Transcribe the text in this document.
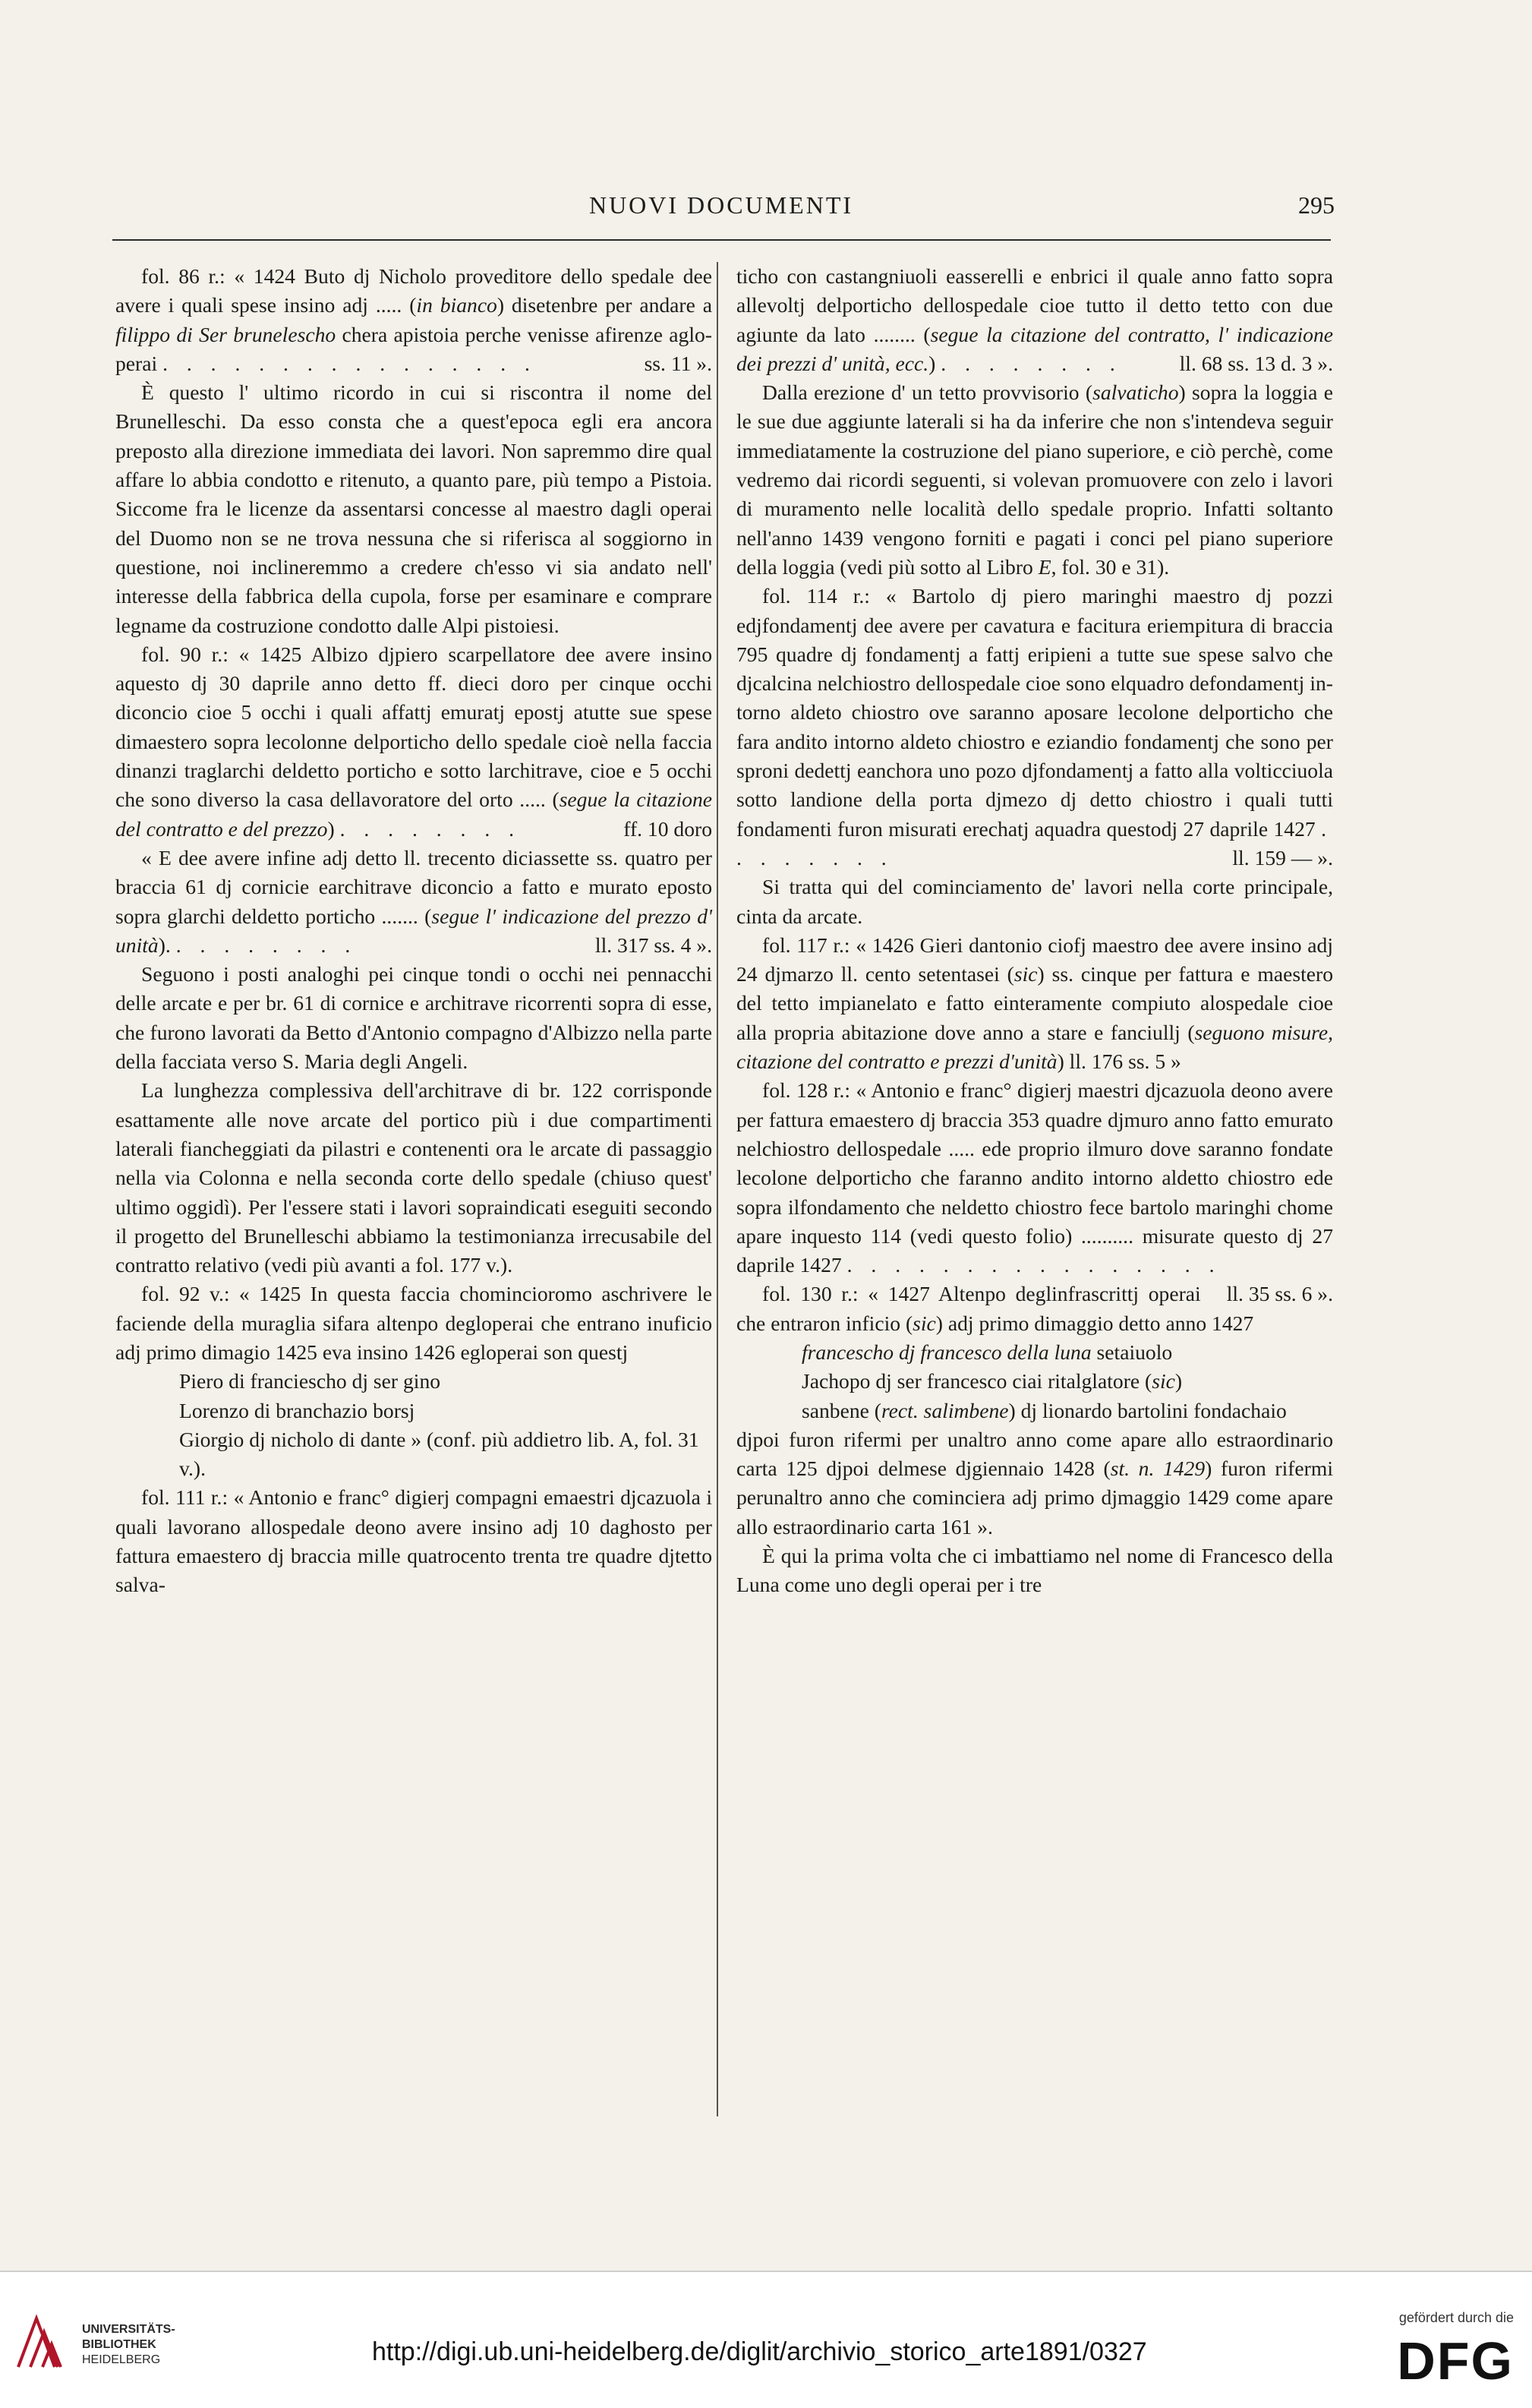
NUOVI DOCUMENTI	295

fol. 86 r.: « 1424 Buto dj Nicholo proveditore dello spedale dee avere i quali spese insino adj ..... (in bianco) disetenbre per andare a filippo di Ser brunelescho chera apistoia perche venisse afirenze agloperai . . . . . . . . . . . . . . . .	ss. 11 ».

È questo l' ultimo ricordo in cui si riscontra il nome del Brunelleschi. Da esso consta che a quest'epoca egli era ancora preposto alla direzione immediata dei lavori. Non sapremmo dire qual affare lo abbia condotto e ritenuto, a quanto pare, più tempo a Pistoia. Siccome fra le licenze da assentarsi concesse al maestro dagli operai del Duomo non se ne trova nessuna che si riferisca al soggiorno in questione, noi inclineremmo a credere ch'esso vi sia andato nell' interesse della fabbrica della cupola, forse per esaminare e comprare legname da costruzione condotto dalle Alpi pistoiesi.

fol. 90 r.: « 1425 Albizo djpiero scarpellatore dee avere insino aquesto dj 30 daprile anno detto ff. dieci doro per cinque occhi diconcio cioe 5 occhi i quali affattj emuratj epostj atutte sue spese dimaestero sopra lecolonne delporticho dello spedale cioè nella faccia dinanzi traglarchi deldetto porticho e sotto larchitrave, cioe e 5 occhi che sono diverso la casa dellavoratore del orto ..... (segue la citazione del contratto e del prezzo) . . . . . . . .	ff. 10 doro

« E dee avere infine adj detto ll. trecento diciassette ss. quatro per braccia 61 dj cornicie earchitrave diconcio a fatto e murato eposto sopra glarchi deldetto porticho ....... (segue l' indicazione del prezzo d' unità). . . . . . . . .	ll. 317 ss. 4 ».

Seguono i posti analoghi pei cinque tondi o occhi nei pennacchi delle arcate e per br. 61 di cornice e architrave ricorrenti sopra di esse, che furono lavorati da Betto d'Antonio compagno d'Albizzo nella parte della facciata verso S. Maria degli Angeli.

La lunghezza complessiva dell'architrave di br. 122 corrisponde esattamente alle nove arcate del portico più i due compartimenti laterali fiancheggiati da pilastri e contenenti ora le arcate di passaggio nella via Colonna e nella seconda corte dello spedale (chiuso quest' ultimo oggidì). Per l'essere stati i lavori sopraindicati eseguiti secondo il progetto del Brunelleschi abbiamo la testimonianza irrecusabile del contratto relativo (vedi più avanti a fol. 177 v.).

fol. 92 v.: « 1425 In questa faccia chomincioromo aschrivere le faciende della muraglia sifara altenpo degloperai che entrano inuficio adj primo dimagio 1425 eva insino 1426 egloperai son questj

Piero di franciescho dj ser gino

Lorenzo di branchazio borsj

Giorgio dj nicholo di dante » (conf. più addietro lib. A, fol. 31 v.).

fol. 111 r.: « Antonio e franc° digierj compagni emaestri djcazuola i quali lavorano allospedale deono avere insino adj 10 daghosto per fattura emaestero dj braccia mille quatrocento trenta tre quadre djtetto salva-

ticho con castangniuoli easserelli e enbrici il quale anno fatto sopra allevoltj delporticho dellospedale cioe tutto il detto tetto con due agiunte da lato ........ (segue la citazione del contratto, l' indicazione dei prezzi d' unità, ecc.) . . . . . . . .	ll. 68 ss. 13 d. 3 ».

Dalla erezione d' un tetto provvisorio (salvaticho) sopra la loggia e le sue due aggiunte laterali si ha da inferire che non s'intendeva seguir immediatamente la costruzione del piano superiore, e ciò perchè, come vedremo dai ricordi seguenti, si volevan promuovere con zelo i lavori di muramento nelle località dello spedale proprio. Infatti soltanto nell'anno 1439 vengono forniti e pagati i conci pel piano superiore della loggia (vedi più sotto al Libro E, fol. 30 e 31).

fol. 114 r.: « Bartolo dj piero maringhi maestro dj pozzi edjfondamentj dee avere per cavatura e facitura eriempitura di braccia 795 quadre dj fondamentj a fattj eripieni a tutte sue spese salvo che djcalcina nelchiostro dellospedale cioe sono elquadro defondamentj intorno aldeto chiostro ove saranno aposare lecolone delporticho che fara andito intorno aldeto chiostro e eziandio fondamentj che sono per sproni dedettj eanchora uno pozo djfondamentj a fatto alla volticciuola sotto landione della porta djmezo dj detto chiostro i quali tutti fondamenti furon misurati erechatj aquadra questodj 27 daprile 1427 . . . . . . . .	ll. 159 — ».

Si tratta qui del cominciamento de' lavori nella corte principale, cinta da arcate.

fol. 117 r.: « 1426 Gieri dantonio ciofj maestro dee avere insino adj 24 djmarzo ll. cento setentasei (sic) ss. cinque per fattura e maestero del tetto impianelato e fatto einteramente compiuto alospedale cioe alla propria abitazione dove anno a stare e fanciullj (seguono misure, citazione del contratto e prezzi d'unità) ll. 176 ss. 5 »

fol. 128 r.: « Antonio e franc° digierj maestri djcazuola deono avere per fattura emaestero dj braccia 353 quadre djmuro anno fatto emurato nelchiostro dellospedale ..... ede proprio ilmuro dove saranno fondate lecolone delporticho che faranno andito intorno aldetto chiostro ede sopra ilfondamento che neldetto chiostro fece bartolo maringhi chome apare inquesto 114 (vedi questo folio) .......... misurate questo dj 27 daprile 1427 . . . . . . . . . . . . . . . .
ll. 35 ss. 6 ».

fol. 130 r.: « 1427 Altenpo deglinfrascrittj operai che entraron inficio (sic) adj primo dimaggio detto anno 1427

francescho dj francesco della luna setaiuolo

Jachopo dj ser francesco ciai ritalglatore (sic)

sanbene (rect. salimbene) dj lionardo bartolini fondachaio

djpoi furon rifermi per unaltro anno come apare allo estraordinario carta 125 djpoi delmese djgiennaio 1428 (st. n. 1429) furon rifermi perunaltro anno che cominciera adj primo djmaggio 1429 come apare allo estraordinario carta 161 ».

È qui la prima volta che ci imbattiamo nel nome di Francesco della Luna come uno degli operai per i tre

UNIVERSITÄTS-
BIBLIOTHEK
HEIDELBERG	http://digi.ub.uni-heidelberg.de/diglit/archivio_storico_arte1891/0327
gefördert durch die
DFG
